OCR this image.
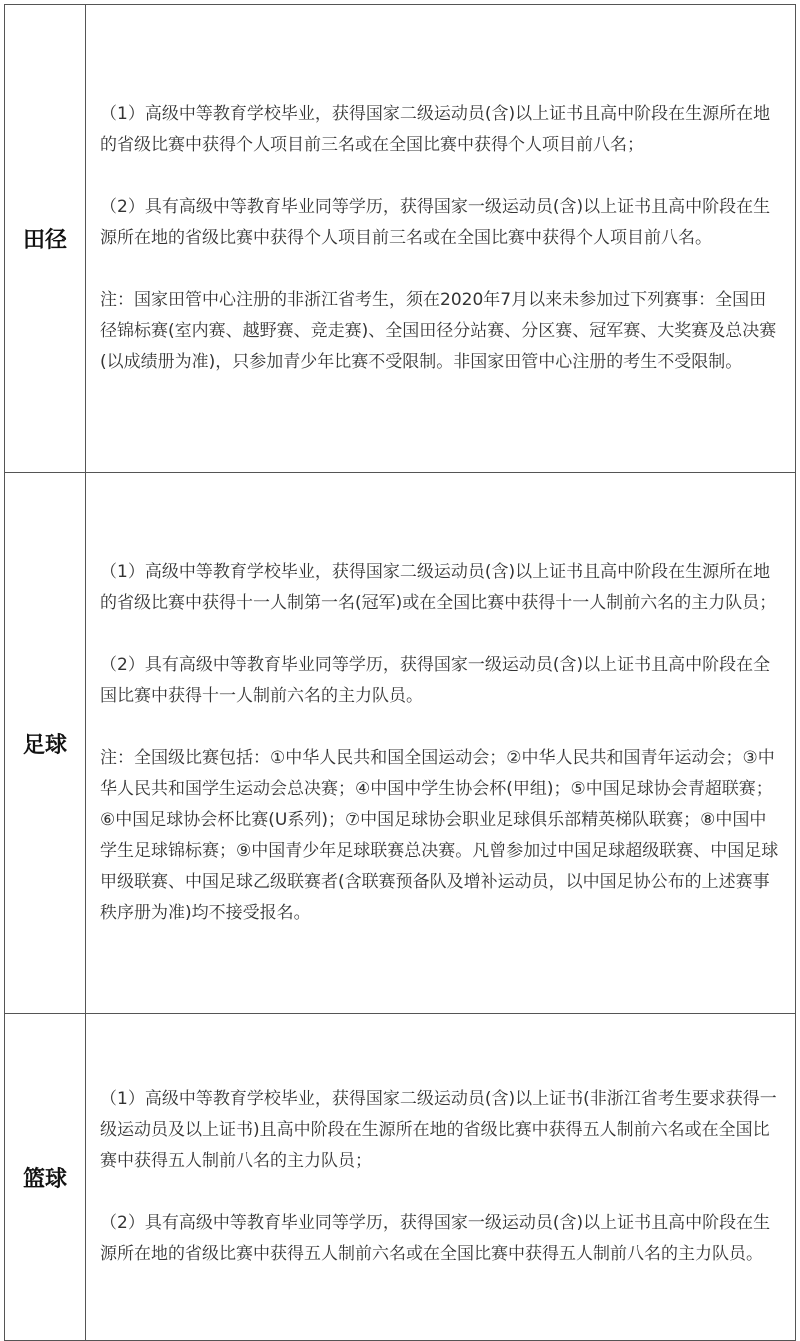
田径	（1）高级中等教育学校毕业，获得国家二级运动员(含)以上证书且高中阶段在生源所在地的省级比赛中获得个人项目前三名或在全国比赛中获得个人项目前八名；

（2）具有高级中等教育毕业同等学历，获得国家一级运动员(含)以上证书且高中阶段在生源所在地的省级比赛中获得个人项目前三名或在全国比赛中获得个人项目前八名。

注：国家田管中心注册的非浙江省考生，须在2020年7月以来未参加过下列赛事：全国田径锦标赛(室内赛、越野赛、竞走赛)、全国田径分站赛、分区赛、冠军赛、大奖赛及总决赛(以成绩册为准)，只参加青少年比赛不受限制。非国家田管中心注册的考生不受限制。

足球	（1）高级中等教育学校毕业，获得国家二级运动员(含)以上证书且高中阶段在生源所在地的省级比赛中获得十一人制第一名(冠军)或在全国比赛中获得十一人制前六名的主力队员；

（2）具有高级中等教育毕业同等学历，获得国家一级运动员(含)以上证书且高中阶段在全国比赛中获得十一人制前六名的主力队员。

注：全国级比赛包括：①中华人民共和国全国运动会；②中华人民共和国青年运动会；③中华人民共和国学生运动会总决赛；④中国中学生协会杯(甲组)；⑤中国足球协会青超联赛；⑥中国足球协会杯比赛(U系列)；⑦中国足球协会职业足球俱乐部精英梯队联赛；⑧中国中学生足球锦标赛；⑨中国青少年足球联赛总决赛。凡曾参加过中国足球超级联赛、中国足球甲级联赛、中国足球乙级联赛者(含联赛预备队及增补运动员，以中国足协公布的上述赛事秩序册为准)均不接受报名。

篮球	（1）高级中等教育学校毕业，获得国家二级运动员(含)以上证书(非浙江省考生要求获得一级运动员及以上证书)且高中阶段在生源所在地的省级比赛中获得五人制前六名或在全国比赛中获得五人制前八名的主力队员；

（2）具有高级中等教育毕业同等学历，获得国家一级运动员(含)以上证书且高中阶段在生源所在地的省级比赛中获得五人制前六名或在全国比赛中获得五人制前八名的主力队员。
